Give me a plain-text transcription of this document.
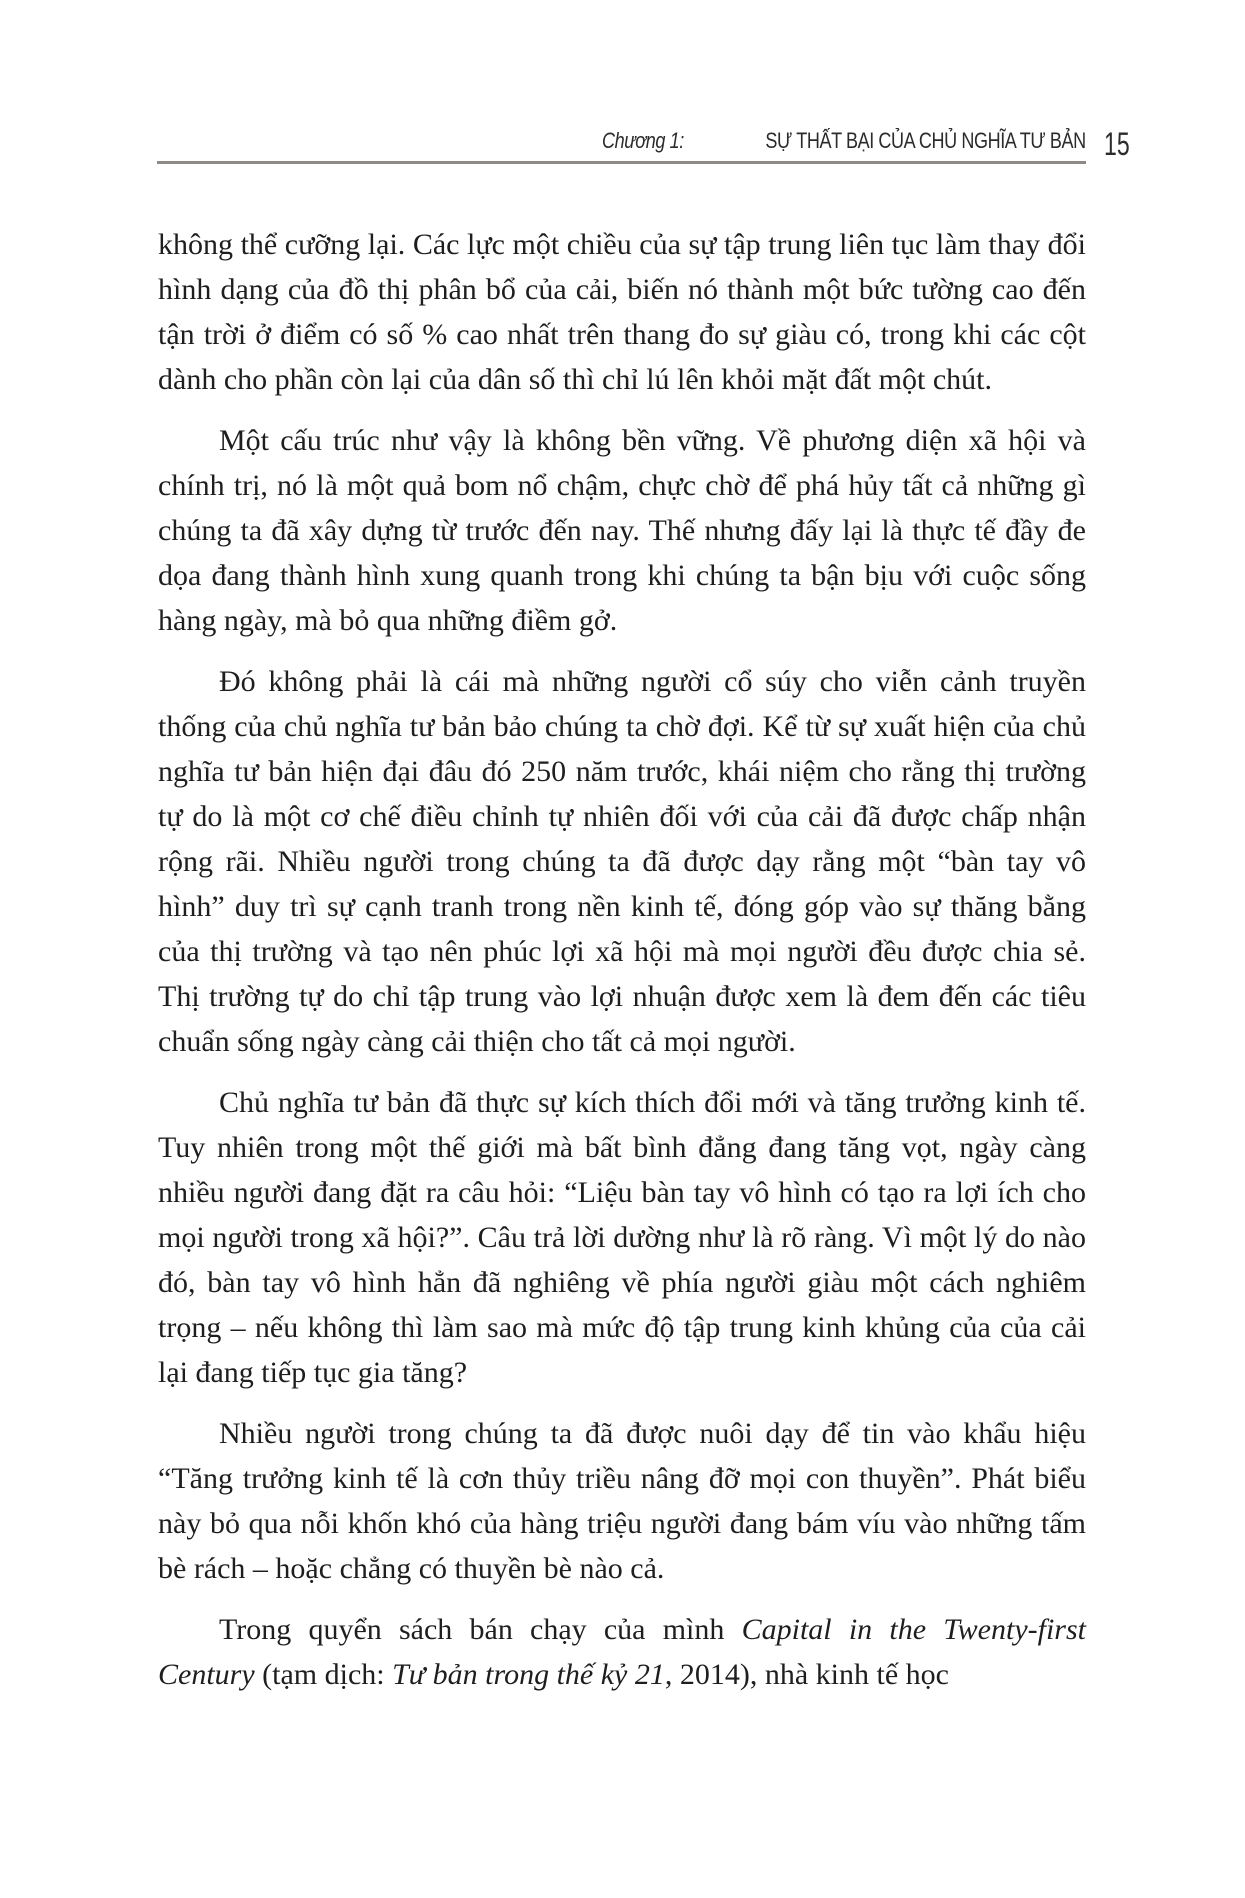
Chương 1:	SỰ THẤT BẠI CỦA CHỦ NGHĨA TƯ BẢN 15

không thể cưỡng lại. Các lực một chiều của sự tập trung liên tục làm thay đổi hình dạng của đồ thị phân bổ của cải, biến nó thành một bức tường cao đến tận trời ở điểm có số % cao nhất trên thang đo sự giàu có, trong khi các cột dành cho phần còn lại của dân số thì chỉ lú lên khỏi mặt đất một chút.

Một cấu trúc như vậy là không bền vững. Về phương diện xã hội và chính trị, nó là một quả bom nổ chậm, chực chờ để phá hủy tất cả những gì chúng ta đã xây dựng từ trước đến nay. Thế nhưng đấy lại là thực tế đầy đe dọa đang thành hình xung quanh trong khi chúng ta bận bịu với cuộc sống hàng ngày, mà bỏ qua những điềm gở.

Đó không phải là cái mà những người cổ súy cho viễn cảnh truyền thống của chủ nghĩa tư bản bảo chúng ta chờ đợi. Kể từ sự xuất hiện của chủ nghĩa tư bản hiện đại đâu đó 250 năm trước, khái niệm cho rằng thị trường tự do là một cơ chế điều chỉnh tự nhiên đối với của cải đã được chấp nhận rộng rãi. Nhiều người trong chúng ta đã được dạy rằng một “bàn tay vô hình” duy trì sự cạnh tranh trong nền kinh tế, đóng góp vào sự thăng bằng của thị trường và tạo nên phúc lợi xã hội mà mọi người đều được chia sẻ. Thị trường tự do chỉ tập trung vào lợi nhuận được xem là đem đến các tiêu chuẩn sống ngày càng cải thiện cho tất cả mọi người.

Chủ nghĩa tư bản đã thực sự kích thích đổi mới và tăng trưởng kinh tế. Tuy nhiên trong một thế giới mà bất bình đẳng đang tăng vọt, ngày càng nhiều người đang đặt ra câu hỏi: “Liệu bàn tay vô hình có tạo ra lợi ích cho mọi người trong xã hội?”. Câu trả lời dường như là rõ ràng. Vì một lý do nào đó, bàn tay vô hình hẳn đã nghiêng về phía người giàu một cách nghiêm trọng – nếu không thì làm sao mà mức độ tập trung kinh khủng của của cải lại đang tiếp tục gia tăng?

Nhiều người trong chúng ta đã được nuôi dạy để tin vào khẩu hiệu “Tăng trưởng kinh tế là cơn thủy triều nâng đỡ mọi con thuyền”. Phát biểu này bỏ qua nỗi khốn khó của hàng triệu người đang bám víu vào những tấm bè rách – hoặc chẳng có thuyền bè nào cả.

Trong quyển sách bán chạy của mình Capital in the Twenty-first Century (tạm dịch: Tư bản trong thế kỷ 21, 2014), nhà kinh tế học
